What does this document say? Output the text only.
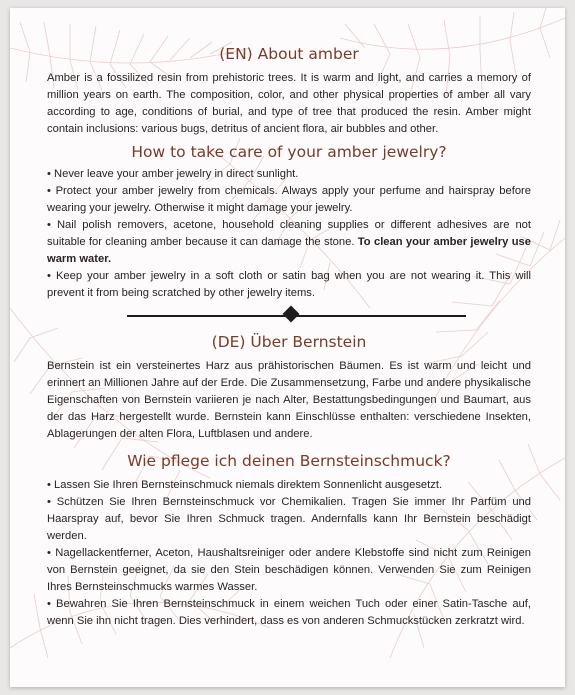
(EN) About amber

Amber is a fossilized resin from prehistoric trees. It is warm and light, and carries a memory of million years on earth. The composition, color, and other physical properties of amber all vary according to age, conditions of burial, and type of tree that produced the resin. Amber might contain inclusions: various bugs, detritus of ancient flora, air bubbles and other.

How to take care of your amber jewelry?
• Never leave your amber jewelry in direct sunlight.
• Protect your amber jewelry from chemicals. Always apply your perfume and hairspray before wearing your jewelry. Otherwise it might damage your jewelry.
• Nail polish removers, acetone, household cleaning supplies or different adhesives are not suitable for cleaning amber because it can damage the stone. To clean your amber jewelry use warm water.
• Keep your amber jewelry in a soft cloth or satin bag when you are not wearing it. This will prevent it from being scratched by other jewelry items.
(DE) Über Bernstein

Bernstein ist ein versteinertes Harz aus prähistorischen Bäumen. Es ist warm und leicht und erinnert an Millionen Jahre auf der Erde. Die Zusammensetzung, Farbe und andere physikalische Eigenschaften von Bernstein variieren je nach Alter, Bestattungsbedingungen und Baumart, aus der das Harz hergestellt wurde. Bernstein kann Einschlüsse enthalten: verschiedene Insekten, Ablagerungen der alten Flora, Luftblasen und andere.

Wie pflege ich deinen Bernsteinschmuck?
• Lassen Sie Ihren Bernsteinschmuck niemals direktem Sonnenlicht ausgesetzt.
• Schützen Sie Ihren Bernsteinschmuck vor Chemikalien. Tragen Sie immer Ihr Parfüm und Haarspray auf, bevor Sie Ihren Schmuck tragen. Andernfalls kann Ihr Bernstein beschädigt werden.
• Nagellackentferner, Aceton, Haushaltsreiniger oder andere Klebstoffe sind nicht zum Reinigen von Bernstein geeignet, da sie den Stein beschädigen können. Verwenden Sie zum Reinigen Ihres Bernsteinschmucks warmes Wasser.
• Bewahren Sie Ihren Bernsteinschmuck in einem weichen Tuch oder einer Satin-Tasche auf, wenn Sie ihn nicht tragen. Dies verhindert, dass es von anderen Schmuckstücken zerkratzt wird.
